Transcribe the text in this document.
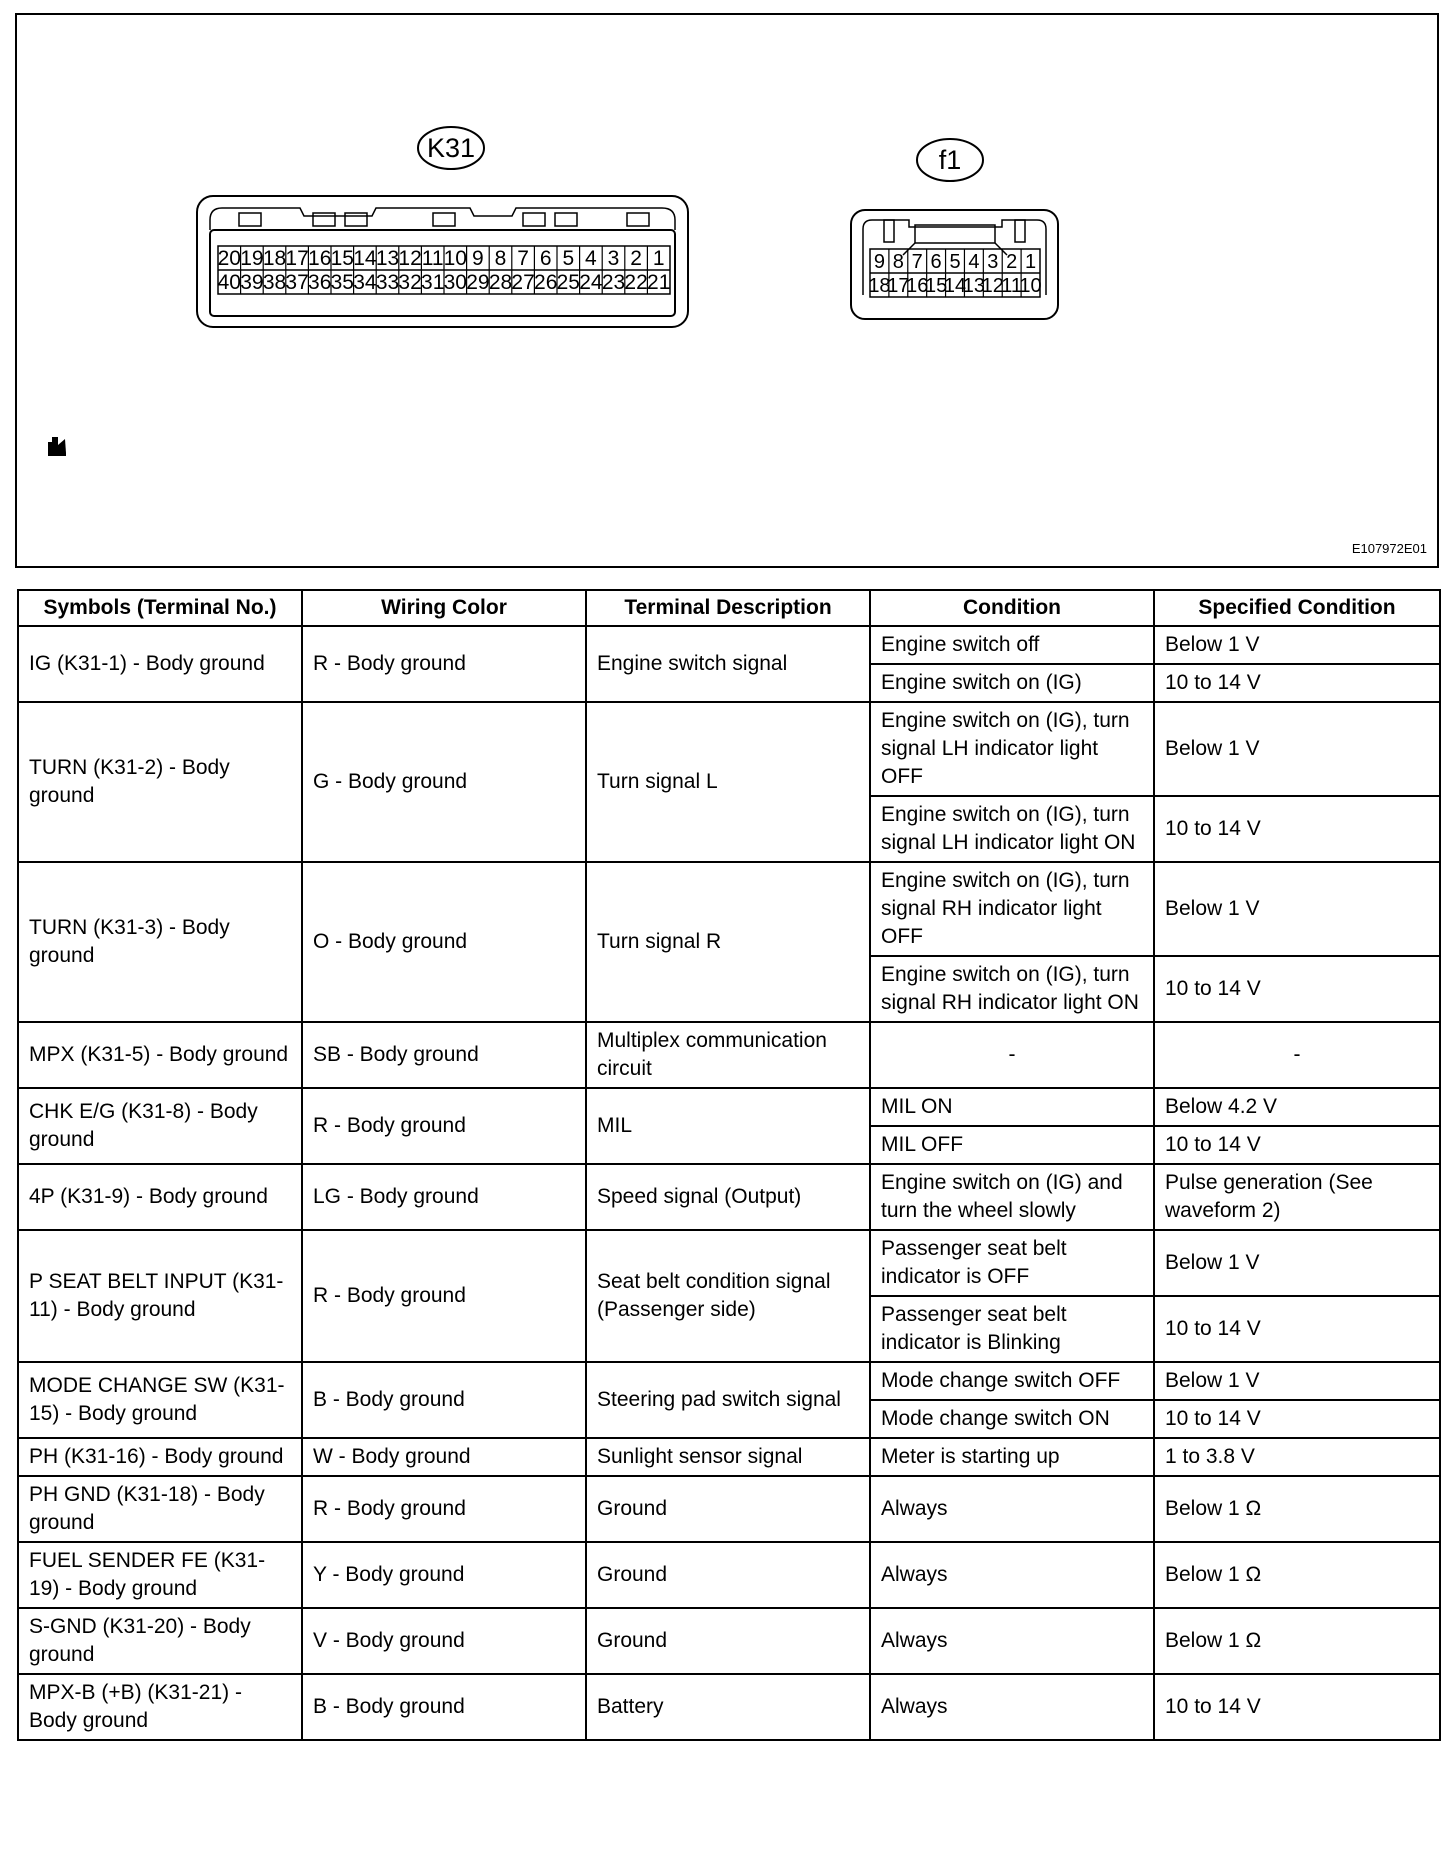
K31
20 19 18 17 16 15 14 13 12 11 10 9 8 7 6 5 4 3 2 1
40 39 38 37 36 35 34 33 32 31 30 29 28 27 26 25 24 23 22 21
f1
9 8 7 6 5 4 3 2 1
18
17
16
15
14
13
12
11
10
E107972E01
Symbols (Terminal No.)	Wiring Color	Terminal Description	Condition	Specified Condition
IG (K31-1) - Body ground	R - Body ground	Engine switch signal	Engine switch off	Below 1 V
			Engine switch on (IG)	10 to 14 V
TURN (K31-2) - Body ground	G - Body ground	Turn signal L	Engine switch on (IG), turn signal LH indicator light OFF	Below 1 V
			Engine switch on (IG), turn signal LH indicator light ON	10 to 14 V
TURN (K31-3) - Body ground	O - Body ground	Turn signal R	Engine switch on (IG), turn signal RH indicator light OFF	Below 1 V
			Engine switch on (IG), turn signal RH indicator light ON	10 to 14 V
MPX (K31-5) - Body ground	SB - Body ground	Multiplex communication circuit	-	-
CHK E/G (K31-8) - Body ground	R - Body ground	MIL	MIL ON	Below 4.2 V
			MIL OFF	10 to 14 V
4P (K31-9) - Body ground	LG - Body ground	Speed signal (Output)	Engine switch on (IG) and turn the wheel slowly	Pulse generation (See waveform 2)
P SEAT BELT INPUT (K31-11) - Body ground	R - Body ground	Seat belt condition signal (Passenger side)	Passenger seat belt indicator is OFF	Below 1 V
			Passenger seat belt indicator is Blinking	10 to 14 V
MODE CHANGE SW (K31-15) - Body ground	B - Body ground	Steering pad switch signal	Mode change switch OFF	Below 1 V
			Mode change switch ON	10 to 14 V
PH (K31-16) - Body ground	W - Body ground	Sunlight sensor signal	Meter is starting up	1 to 3.8 V
PH GND (K31-18) - Body ground	R - Body ground	Ground	Always	Below 1 Ω
FUEL SENDER FE (K31-19) - Body ground	Y - Body ground	Ground	Always	Below 1 Ω
S-GND (K31-20) - Body ground	V - Body ground	Ground	Always	Below 1 Ω
MPX-B (+B) (K31-21) - Body ground	B - Body ground	Battery	Always	10 to 14 V
